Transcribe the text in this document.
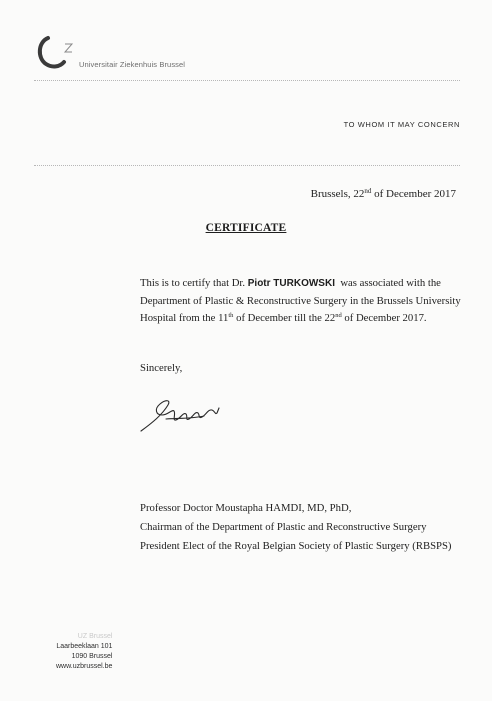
Universitair Ziekenhuis Brussel
TO WHOM IT MAY CONCERN
Brussels, 22nd of December 2017
CERTIFICATE
This is to certify that Dr. Piotr TURKOWSKI  was associated with the
Department of Plastic & Reconstructive Surgery in the Brussels University
Hospital from the 11th of December till the 22nd of December 2017.
Sincerely,
Professor Doctor Moustapha HAMDI, MD, PhD,
Chairman of the Department of Plastic and Reconstructive Surgery
President Elect of the Royal Belgian Society of Plastic Surgery (RBSPS)
UZ Brussel
Laarbeeklaan 101
1090 Brussel
www.uzbrussel.be
